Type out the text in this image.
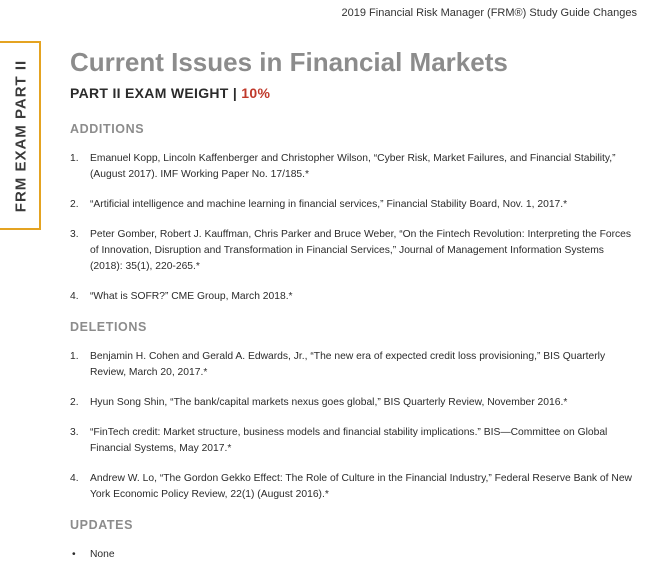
2019 Financial Risk Manager (FRM®) Study Guide Changes
FRM EXAM PART II Current Issues in Financial Markets
PART II EXAM WEIGHT | 10%
ADDITIONS
1. Emanuel Kopp, Lincoln Kaffenberger and Christopher Wilson, “Cyber Risk, Market Failures, and Financial Stability,” (August 2017). IMF Working Paper No. 17/185.*
2. “Artificial intelligence and machine learning in financial services,” Financial Stability Board, Nov. 1, 2017.*
3. Peter Gomber, Robert J. Kauffman, Chris Parker and Bruce Weber, “On the Fintech Revolution: Interpreting the Forces of Innovation, Disruption and Transformation in Financial Services,” Journal of Management Information Systems (2018): 35(1), 220-265.*
4. “What is SOFR?” CME Group, March 2018.*
DELETIONS
1. Benjamin H. Cohen and Gerald A. Edwards, Jr., “The new era of expected credit loss provisioning,” BIS Quarterly Review, March 20, 2017.*
2. Hyun Song Shin, “The bank/capital markets nexus goes global,” BIS Quarterly Review, November 2016.*
3. “FinTech credit: Market structure, business models and financial stability implications.” BIS—Committee on Global Financial Systems, May 2017.*
4. Andrew W. Lo, “The Gordon Gekko Effect: The Role of Culture in the Financial Industry,” Federal Reserve Bank of New York Economic Policy Review, 22(1) (August 2016).*
UPDATES
• None
